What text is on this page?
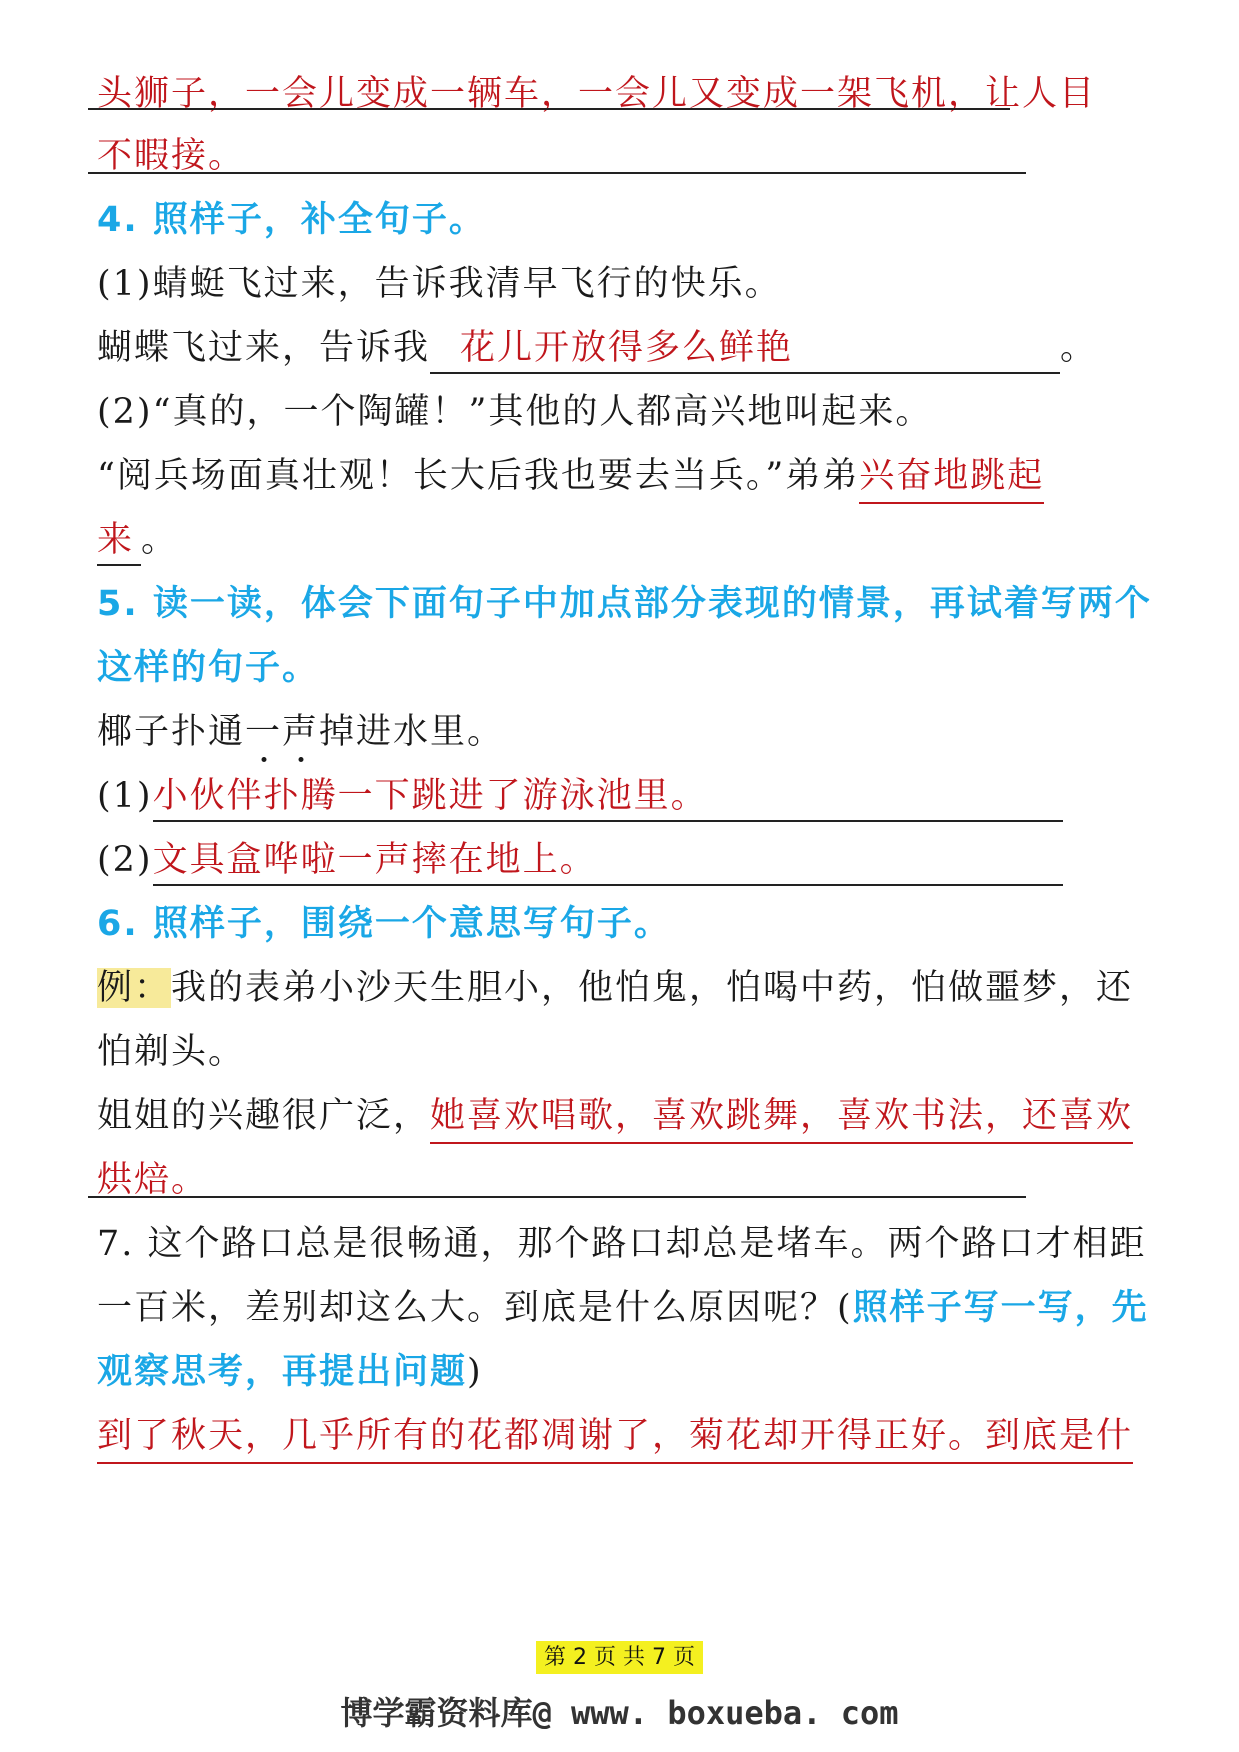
头狮子，一会儿变成一辆车，一会儿又变成一架飞机，让人目
不暇接。
4. 照样子，补全句子。
(1)蜻蜓飞过来，告诉我清早飞行的快乐。
蝴蝶飞过来，告诉我 花儿开放得多么鲜艳	。
(2)“真的，一个陶罐！”其他的人都高兴地叫起来。
“阅兵场面真壮观！长大后我也要去当兵。”弟弟兴奋地跳起
来 。
5. 读一读，体会下面句子中加点部分表现的情景，再试着写两个
这样的句子。
椰子扑通一声掉进水里。
(1)小伙伴扑腾一下跳进了游泳池里。
(2)文具盒哗啦一声摔在地上。
6. 照样子，围绕一个意思写句子。
例：我的表弟小沙天生胆小，他怕鬼，怕喝中药，怕做噩梦，还
怕剃头。
姐姐的兴趣很广泛，她喜欢唱歌，喜欢跳舞，喜欢书法，还喜欢
烘焙。
7. 这个路口总是很畅通，那个路口却总是堵车。两个路口才相距
一百米，差别却这么大。到底是什么原因呢？(照样子写一写，先
观察思考，再提出问题)
到了秋天，几乎所有的花都凋谢了，菊花却开得正好。到底是什
第 2 页 共 7 页
博学霸资料库@ www. boxueba. com
